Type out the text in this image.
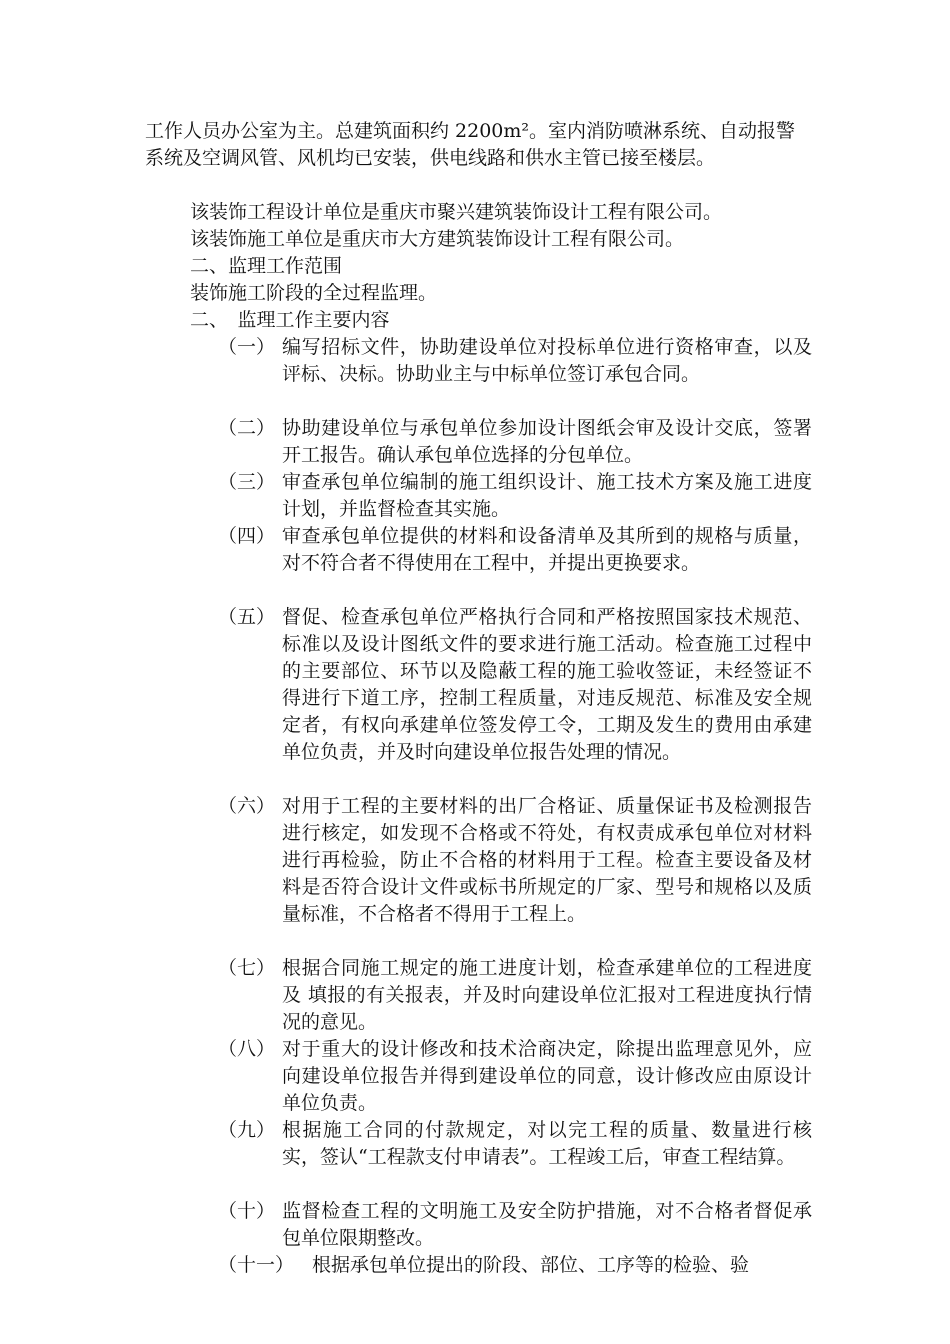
工作人员办公室为主。总建筑面积约 2200m²。室内消防喷淋系统、自动报警系统及空调风管、风机均已安装，供电线路和供水主管已接至楼层。
该装饰工程设计单位是重庆市聚兴建筑装饰设计工程有限公司。
该装饰施工单位是重庆市大方建筑装饰设计工程有限公司。
二、监理工作范围
装饰施工阶段的全过程监理。
二、　监理工作主要内容
（一） 编写招标文件，协助建设单位对投标单位进行资格审查，以及评标、决标。协助业主与中标单位签订承包合同。
（二） 协助建设单位与承包单位参加设计图纸会审及设计交底，签署开工报告。确认承包单位选择的分包单位。
（三） 审查承包单位编制的施工组织设计、施工技术方案及施工进度计划，并监督检查其实施。
（四） 审查承包单位提供的材料和设备清单及其所到的规格与质量，对不符合者不得使用在工程中，并提出更换要求。
（五） 督促、检查承包单位严格执行合同和严格按照国家技术规范、标准以及设计图纸文件的要求进行施工活动。检查施工过程中的主要部位、环节以及隐蔽工程的施工验收签证，未经签证不得进行下道工序，控制工程质量，对违反规范、标准及安全规定者，有权向承建单位签发停工令，工期及发生的费用由承建单位负责，并及时向建设单位报告处理的情况。
（六） 对用于工程的主要材料的出厂合格证、质量保证书及检测报告进行核定，如发现不合格或不符处，有权责成承包单位对材料进行再检验，防止不合格的材料用于工程。检查主要设备及材料是否符合设计文件或标书所规定的厂家、型号和规格以及质量标准，不合格者不得用于工程上。
（七） 根据合同施工规定的施工进度计划，检查承建单位的工程进度及 填报的有关报表，并及时向建设单位汇报对工程进度执行情况的意见。
（八） 对于重大的设计修改和技术洽商决定，除提出监理意见外，应向建设单位报告并得到建设单位的同意，设计修改应由原设计单位负责。
（九） 根据施工合同的付款规定，对以完工程的质量、数量进行核实，签认“工程款支付申请表”。工程竣工后，审查工程结算。
（十） 监督检查工程的文明施工及安全防护措施，对不合格者督促承包单位限期整改。
（十一） 根据承包单位提出的阶段、部位、工序等的检验、验
